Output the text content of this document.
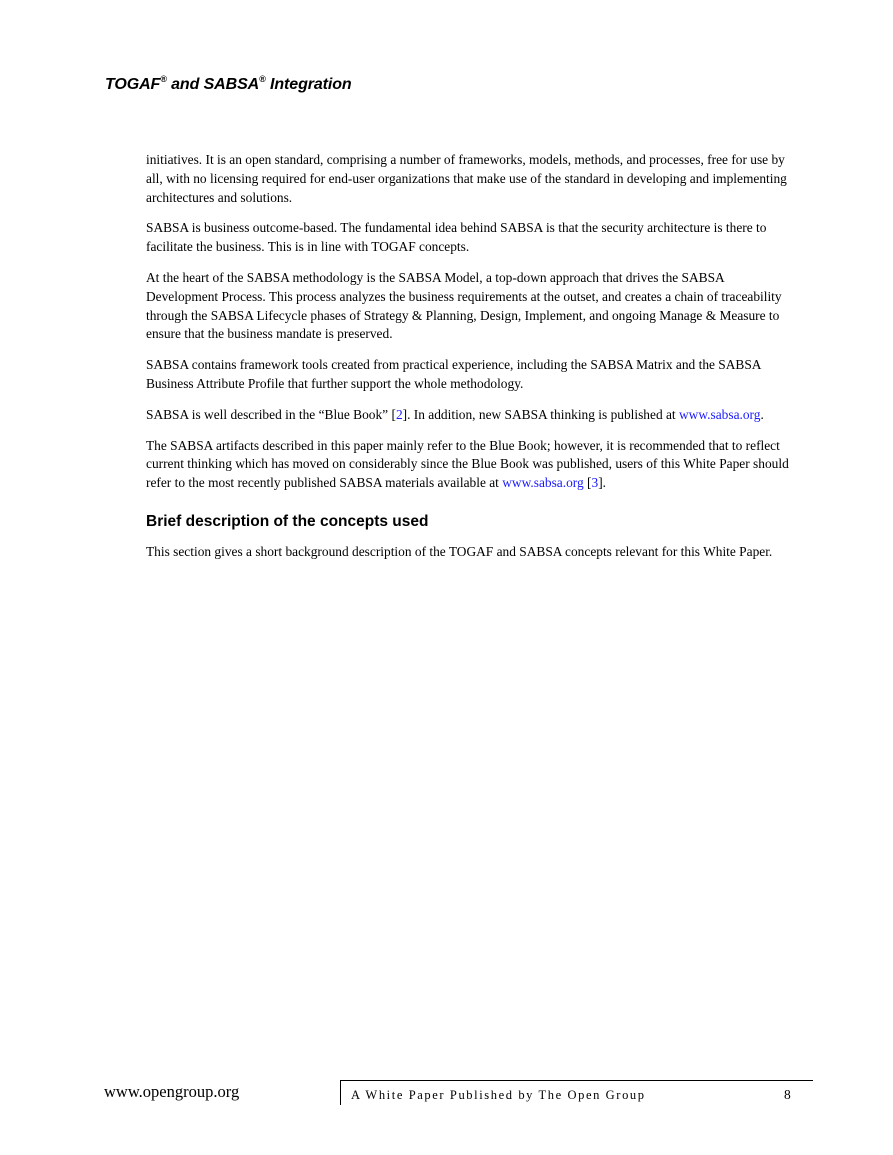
TOGAF® and SABSA® Integration

initiatives. It is an open standard, comprising a number of frameworks, models, methods, and processes, free for use by all, with no licensing required for end-user organizations that make use of the standard in developing and implementing architectures and solutions.

SABSA is business outcome-based. The fundamental idea behind SABSA is that the security architecture is there to facilitate the business. This is in line with TOGAF concepts.

At the heart of the SABSA methodology is the SABSA Model, a top-down approach that drives the SABSA Development Process. This process analyzes the business requirements at the outset, and creates a chain of traceability through the SABSA Lifecycle phases of Strategy & Planning, Design, Implement, and ongoing Manage & Measure to ensure that the business mandate is preserved.

SABSA contains framework tools created from practical experience, including the SABSA Matrix and the SABSA Business Attribute Profile that further support the whole methodology.

SABSA is well described in the “Blue Book” [2]. In addition, new SABSA thinking is published at www.sabsa.org.

The SABSA artifacts described in this paper mainly refer to the Blue Book; however, it is recommended that to reflect current thinking which has moved on considerably since the Blue Book was published, users of this White Paper should refer to the most recently published SABSA materials available at www.sabsa.org [3].

Brief description of the concepts used

This section gives a short background description of the TOGAF and SABSA concepts relevant for this White Paper.

www.opengroup.org	A White Paper Published by The Open Group	8
